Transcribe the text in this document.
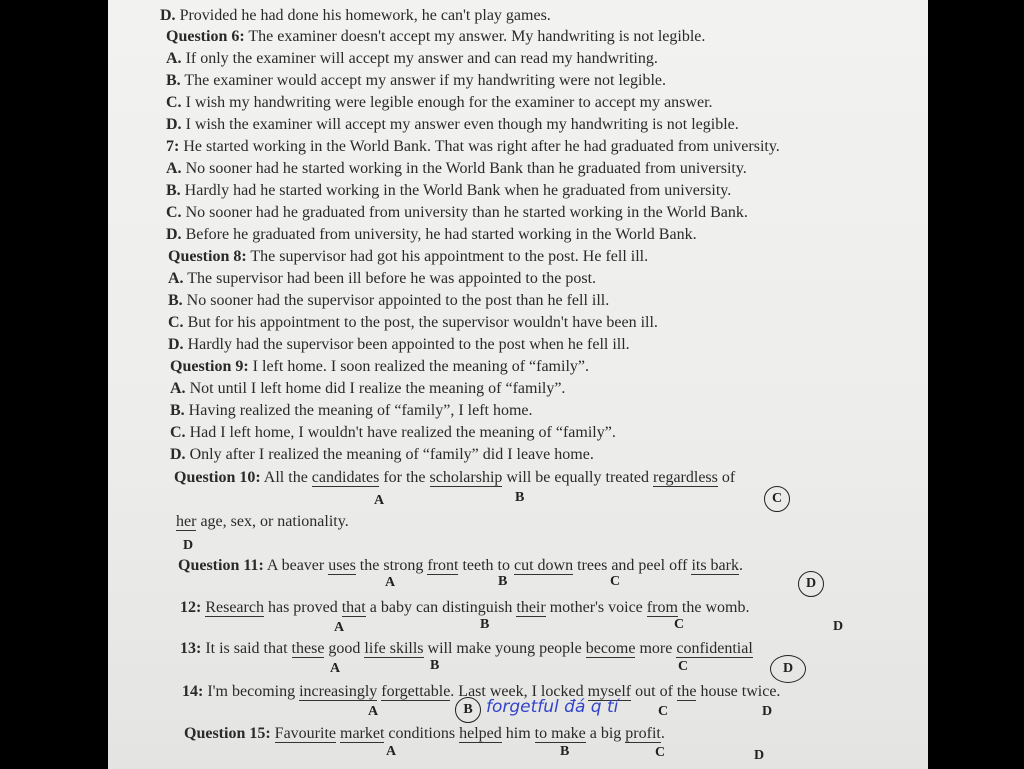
D. Provided he had done his homework, he can't play games.
Question 6: The examiner doesn't accept my answer. My handwriting is not legible.
A. If only the examiner will accept my answer and can read my handwriting.
B. The examiner would accept my answer if my handwriting were not legible.
C. I wish my handwriting were legible enough for the examiner to accept my answer.
D. I wish the examiner will accept my answer even though my handwriting is not legible.
7: He started working in the World Bank. That was right after he had graduated from university.
A. No sooner had he started working in the World Bank than he graduated from university.
B. Hardly had he started working in the World Bank when he graduated from university.
C. No sooner had he graduated from university than he started working in the World Bank.
D. Before he graduated from university, he had started working in the World Bank.
Question 8: The supervisor had got his appointment to the post. He fell ill.
A. The supervisor had been ill before he was appointed to the post.
B. No sooner had the supervisor appointed to the post than he fell ill.
C. But for his appointment to the post, the supervisor wouldn't have been ill.
D. Hardly had the supervisor been appointed to the post when he fell ill.
Question 9: I left home. I soon realized the meaning of “family”.
A. Not until I left home did I realize the meaning of “family”.
B. Having realized the meaning of “family”, I left home.
C. Had I left home, I wouldn't have realized the meaning of “family”.
D. Only after I realized the meaning of “family” did I leave home.
Question 10: All the candidates for the scholarship will be equally treated regardless of
A	B	C
her age, sex, or nationality.
D
Question 11: A beaver uses the strong front teeth to cut down trees and peel off its bark.
A	B	C	D
12: Research has proved that a baby can distinguish their mother's voice from the womb.
A	B	C	D
13: It is said that these good life skills will make young people become more confidential
A	B	C	D
14: I'm becoming increasingly forgettable. Last week, I locked myself out of the house twice.
A	B forgetful đá q tí	C	D
Question 15: Favourite market conditions helped him to make a big profit.
A	B	C	D
